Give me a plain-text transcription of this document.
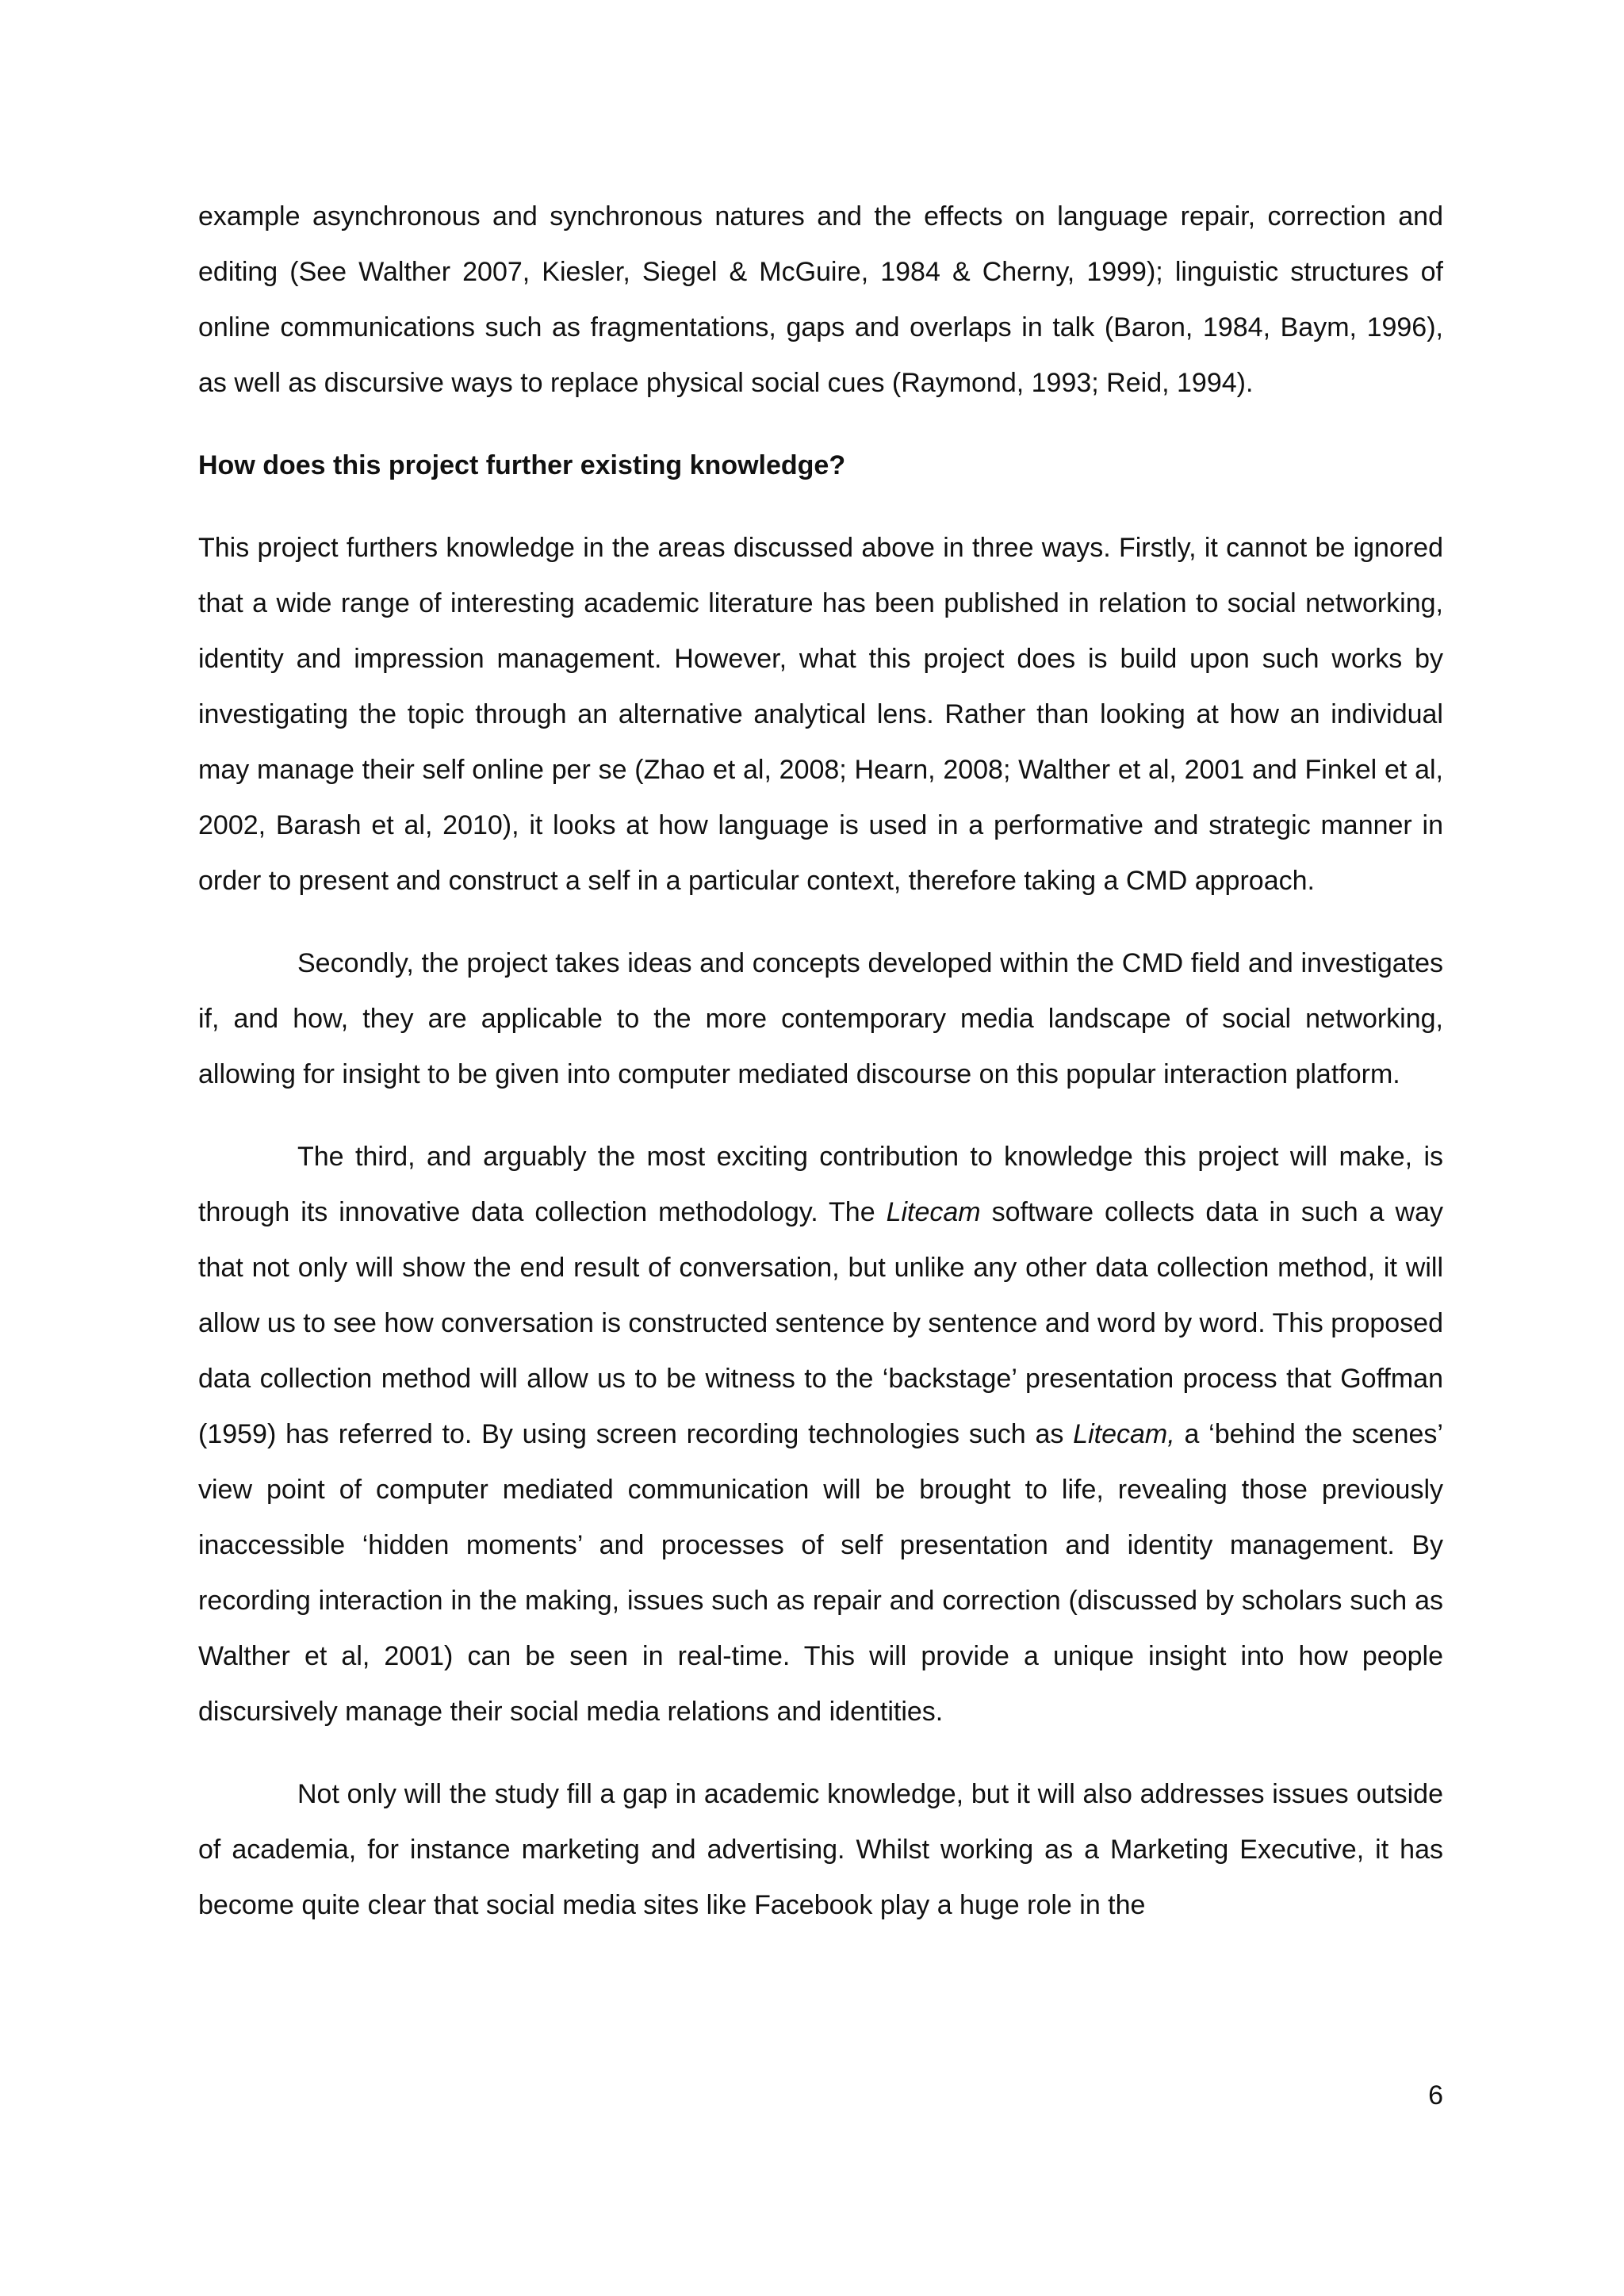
example asynchronous and synchronous natures and the effects on language repair, correction and editing (See Walther 2007, Kiesler, Siegel & McGuire, 1984 & Cherny, 1999); linguistic structures of online communications such as fragmentations, gaps and overlaps in talk (Baron, 1984, Baym, 1996), as well as discursive ways to replace physical social cues (Raymond, 1993; Reid, 1994).

How does this project further existing knowledge?

This project furthers knowledge in the areas discussed above in three ways. Firstly, it cannot be ignored that a wide range of interesting academic literature has been published in relation to social networking, identity and impression management. However, what this project does is build upon such works by investigating the topic through an alternative analytical lens. Rather than looking at how an individual may manage their self online per se (Zhao et al, 2008; Hearn, 2008; Walther et al, 2001 and Finkel et al, 2002, Barash et al, 2010), it looks at how language is used in a performative and strategic manner in order to present and construct a self in a particular context, therefore taking a CMD approach.

Secondly, the project takes ideas and concepts developed within the CMD field and investigates if, and how, they are applicable to the more contemporary media landscape of social networking, allowing for insight to be given into computer mediated discourse on this popular interaction platform.

The third, and arguably the most exciting contribution to knowledge this project will make, is through its innovative data collection methodology. The Litecam software collects data in such a way that not only will show the end result of conversation, but unlike any other data collection method, it will allow us to see how conversation is constructed sentence by sentence and word by word. This proposed data collection method will allow us to be witness to the ‘backstage’ presentation process that Goffman (1959) has referred to. By using screen recording technologies such as Litecam, a ‘behind the scenes’ view point of computer mediated communication will be brought to life, revealing those previously inaccessible ‘hidden moments’ and processes of self presentation and identity management. By recording interaction in the making, issues such as repair and correction (discussed by scholars such as Walther et al, 2001) can be seen in real-time. This will provide a unique insight into how people discursively manage their social media relations and identities.

Not only will the study fill a gap in academic knowledge, but it will also addresses issues outside of academia, for instance marketing and advertising. Whilst working as a Marketing Executive, it has become quite clear that social media sites like Facebook play a huge role in the

6
